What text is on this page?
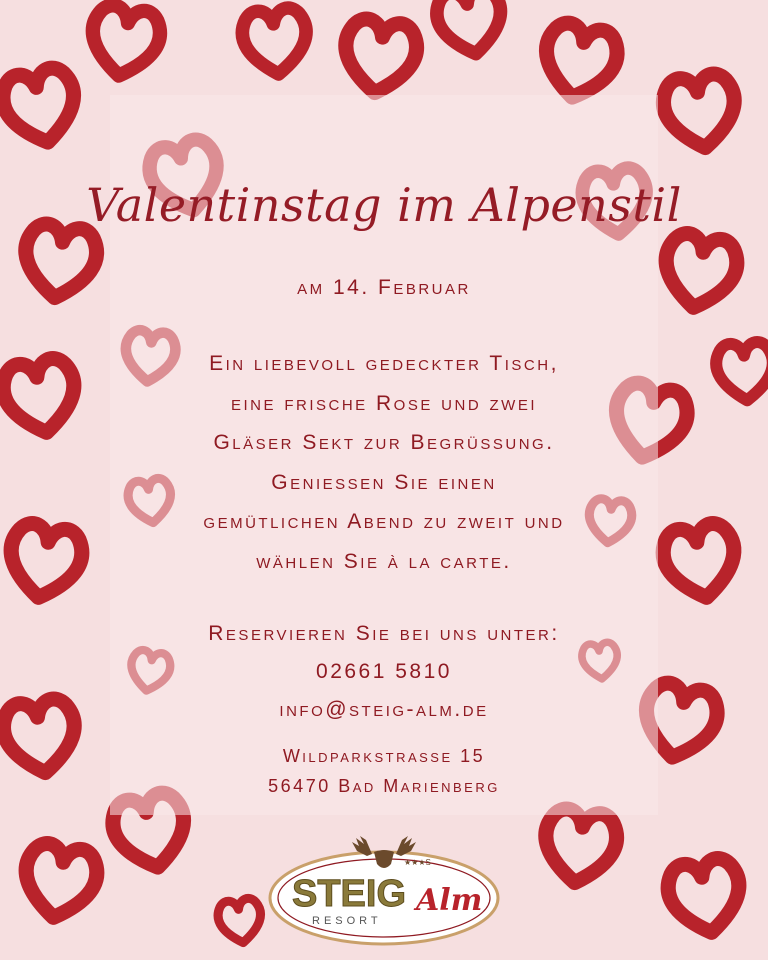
Valentinstag im Alpenstil
am 14. Februar
Ein liebevoll gedeckter Tisch,
eine frische Rose und zwei
Gläser Sekt zur Begrüssung.
Geniessen Sie einen
gemütlichen Abend zu zweit und
wählen Sie à la carte.
Reservieren Sie bei uns unter:
02661 5810
info@steig-alm.de
Wildparkstrasse 15
56470 Bad Marienberg
★★★S
STEIG Alm
RESORT
